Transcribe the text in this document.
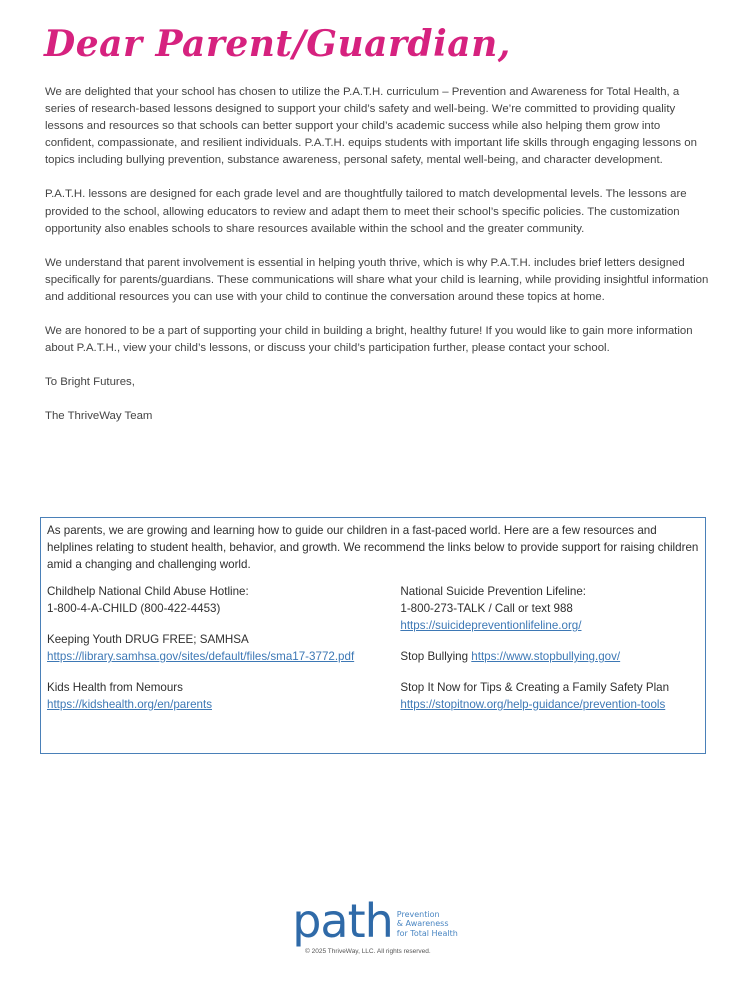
Dear Parent/Guardian,

We are delighted that your school has chosen to utilize the P.A.T.H. curriculum – Prevention and Awareness for Total Health, a series of research-based lessons designed to support your child’s safety and well-being. We’re committed to providing quality lessons and resources so that schools can better support your child’s academic success while also helping them grow into confident, compassionate, and resilient individuals. P.A.T.H. equips students with important life skills through engaging lessons on topics including bullying prevention, substance awareness, personal safety, mental well-being, and character development.

P.A.T.H. lessons are designed for each grade level and are thoughtfully tailored to match developmental levels. The lessons are provided to the school, allowing educators to review and adapt them to meet their school’s specific policies. The customization opportunity also enables schools to share resources available within the school and the greater community.

We understand that parent involvement is essential in helping youth thrive, which is why P.A.T.H. includes brief letters designed specifically for parents/guardians. These communications will share what your child is learning, while providing insightful information and additional resources you can use with your child to continue the conversation around these topics at home.

We are honored to be a part of supporting your child in building a bright, healthy future! If you would like to gain more information about P.A.T.H., view your child’s lessons, or discuss your child’s participation further, please contact your school.

To Bright Futures,

The ThriveWay Team

As parents, we are growing and learning how to guide our children in a fast-paced world. Here are a few resources and helplines relating to student health, behavior, and growth. We recommend the links below to provide support for raising children amid a changing and challenging world.

Childhelp National Child Abuse Hotline:
1-800-4-A-CHILD (800-422-4453)
Keeping Youth DRUG FREE; SAMHSA
https://library.samhsa.gov/sites/default/files/sma17-3772.pdf
Kids Health from Nemours
https://kidshealth.org/en/parents
National Suicide Prevention Lifeline:
1-800-273-TALK / Call or text 988
https://suicidepreventionlifeline.org/
Stop Bullying https://www.stopbullying.gov/
Stop It Now for Tips & Creating a Family Safety Plan
https://stopitnow.org/help-guidance/prevention-tools
path Prevention
& Awareness
for Total Health
© 2025 ThriveWay, LLC. All rights reserved.
